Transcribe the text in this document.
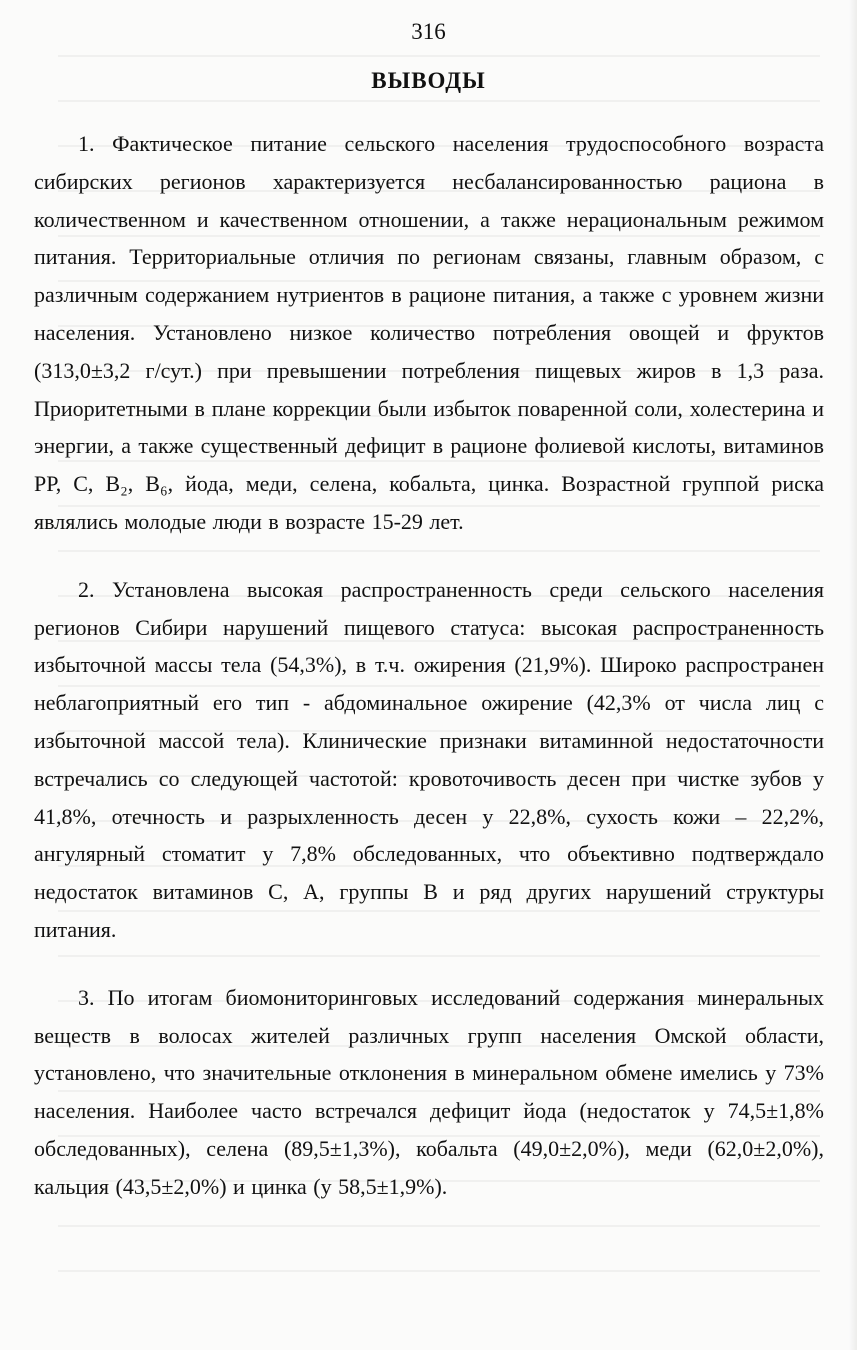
316
ВЫВОДЫ

1. Фактическое питание сельского населения трудоспособного возраста сибирских регионов характеризуется несбалансированностью рациона в количественном и качественном отношении, а также нерациональным режимом питания. Территориальные отличия по регионам связаны, главным образом, с различным содержанием нутриентов в рационе питания, а также с уровнем жизни населения. Установлено низкое количество потребления овощей и фруктов (313,0±3,2 г/сут.) при превышении потребления пищевых жиров в 1,3 раза. Приоритетными в плане коррекции были избыток поваренной соли, холестерина и энергии, а также существенный дефицит в рационе фолиевой кислоты, витаминов РР, С, B₂, B₆, йода, меди, селена, кобальта, цинка. Возрастной группой риска являлись молодые люди в возрасте 15-29 лет.

2. Установлена высокая распространенность среди сельского населения регионов Сибири нарушений пищевого статуса: высокая распространенность избыточной массы тела (54,3%), в т.ч. ожирения (21,9%). Широко распространен неблагоприятный его тип - абдоминальное ожирение (42,3% от числа лиц с избыточной массой тела). Клинические признаки витаминной недостаточности встречались со следующей частотой: кровоточивость десен при чистке зубов у 41,8%, отечность и разрыхленность десен у 22,8%, сухость кожи – 22,2%, ангулярный стоматит у 7,8% обследованных, что объективно подтверждало недостаток витаминов С, А, группы В и ряд других нарушений структуры питания.

3. По итогам биомониторинговых исследований содержания минеральных веществ в волосах жителей различных групп населения Омской области, установлено, что значительные отклонения в минеральном обмене имелись у 73% населения. Наиболее часто встречался дефицит йода (недостаток у 74,5±1,8% обследованных), селена (89,5±1,3%), кобальта (49,0±2,0%), меди (62,0±2,0%), кальция (43,5±2,0%) и цинка (у 58,5±1,9%).
